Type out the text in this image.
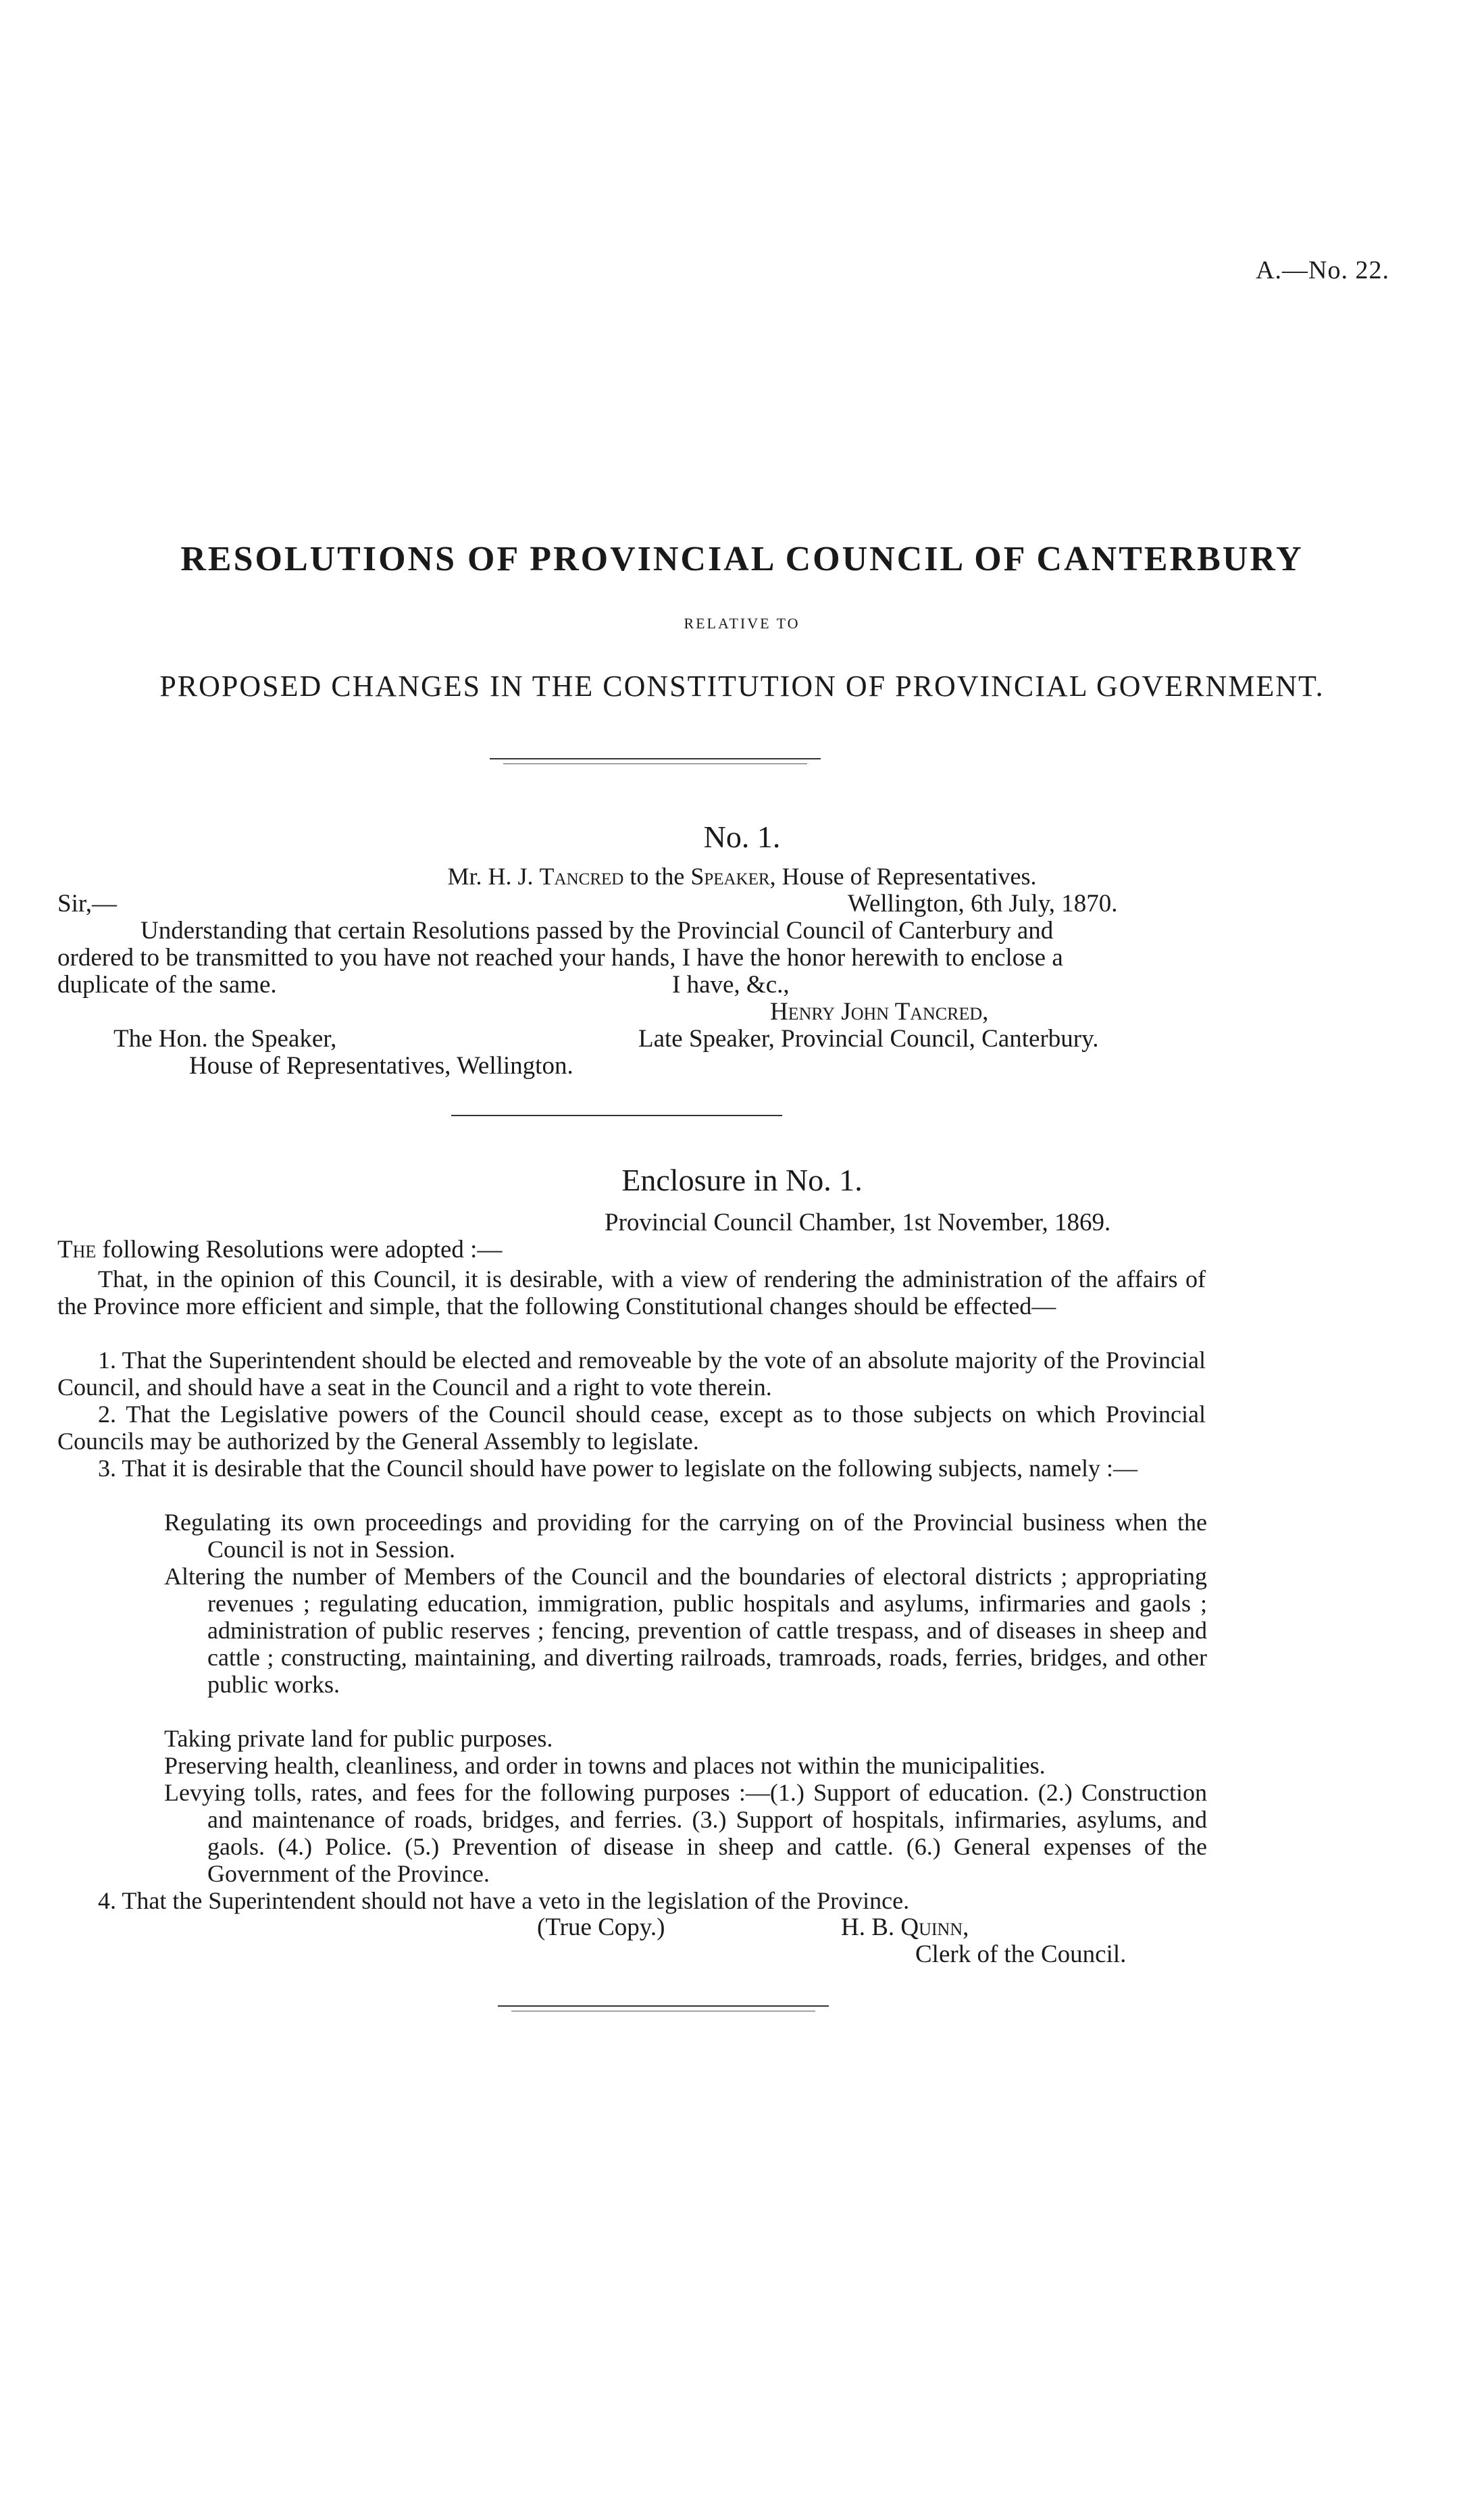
A.—No. 22.
RESOLUTIONS OF PROVINCIAL COUNCIL OF CANTERBURY
RELATIVE TO
PROPOSED CHANGES IN THE CONSTITUTION OF PROVINCIAL GOVERNMENT.
No. 1.
Mr. H. J. Tancred to the Speaker, House of Representatives.
Sir,—	Wellington, 6th July, 1870.
Understanding that certain Resolutions passed by the Provincial Council of Canterbury and
ordered to be transmitted to you have not reached your hands, I have the honor herewith to enclose a
duplicate of the same.	I have, &c.,
Henry John Tancred,
The Hon. the Speaker,	Late Speaker, Provincial Council, Canterbury.
House of Representatives, Wellington.
Enclosure in No. 1.
Provincial Council Chamber, 1st November, 1869.
The following Resolutions were adopted :—

That, in the opinion of this Council, it is desirable, with a view of rendering the administration of the affairs of the Province more efficient and simple, that the following Constitutional changes should be effected—

1. That the Superintendent should be elected and removeable by the vote of an absolute majority of the Provincial Council, and should have a seat in the Council and a right to vote therein.

2. That the Legislative powers of the Council should cease, except as to those subjects on which Provincial Councils may be authorized by the General Assembly to legislate.

3. That it is desirable that the Council should have power to legislate on the following subjects, namely :—

Regulating its own proceedings and providing for the carrying on of the Provincial business when the Council is not in Session.

Altering the number of Members of the Council and the boundaries of electoral districts ; appropriating revenues ; regulating education, immigration, public hospitals and asylums, infirmaries and gaols ; administration of public reserves ; fencing, prevention of cattle trespass, and of diseases in sheep and cattle ; constructing, maintaining, and diverting railroads, tramroads, roads, ferries, bridges, and other public works.

Taking private land for public purposes.

Preserving health, cleanliness, and order in towns and places not within the municipalities.

Levying tolls, rates, and fees for the following purposes :—(1.) Support of education. (2.) Construction and maintenance of roads, bridges, and ferries. (3.) Support of hospitals, infirmaries, asylums, and gaols. (4.) Police. (5.) Prevention of disease in sheep and cattle. (6.) General expenses of the Government of the Province.

4. That the Superintendent should not have a veto in the legislation of the Province.

(True Copy.)	H. B. Quinn,
Clerk of the Council.
